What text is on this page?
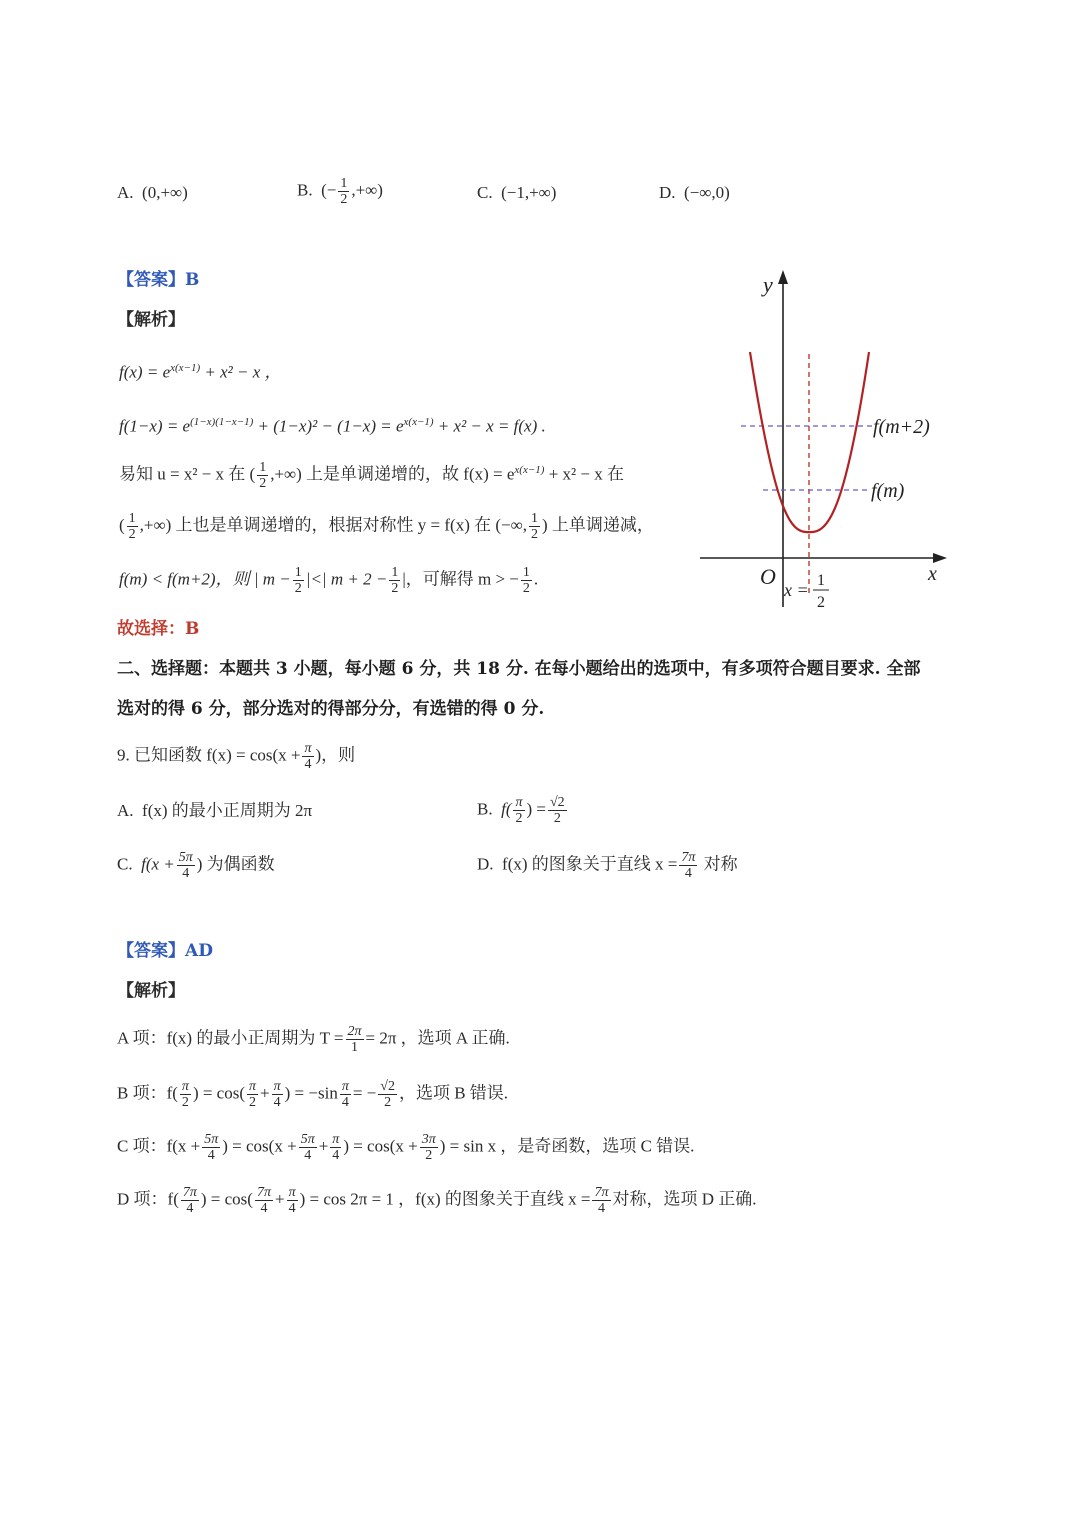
A. (0,+∞)	B. (− $\frac{1}{2}$ ,+∞)	C. (−1,+∞)	D. (−∞,0)
【答案】B
【解析】
$f(x) = e^{x(x-1)} + x^2 - x$ ，
$f(1-x) = e^{(1-x)(1-x-1)} + (1-x)^2 - (1-x) = e^{x(x-1)} + x^2 - x = f(x)$ .
易知 u = x² − x 在 ( $\frac{1}{2}$ ,+∞) 上是单调递增的，故 $f(x) = e^{x(x-1)} + x^2 - x$ 在
( $\frac{1}{2}$ ,+∞) 上也是单调递增的，根据对称性 y = f(x) 在 (−∞, $\frac{1}{2}$ ) 上单调递减，
f(m) < f(m+2)，则 | $m - \frac{1}{2}$ |<| $m + 2 - \frac{1}{2}$ |，可解得 m > − $\frac{1}{2}$ .
故选择：B
y
x
O
x = 1
2
f(m+2)
f(m)
二、选择题：本题共 3 小题，每小题 6 分，共 18 分. 在每小题给出的选项中，有多项符合题目要求. 全部
选对的得 6 分，部分选对的得部分分，有选错的得 0 分.
9. 已知函数 $f(x) = \cos(x + \frac{\pi}{4}$ )，则
A. f(x) 的最小正周期为 2π	B. $f( \frac{\pi}{2}$ ) = $\frac{√2}{2}$
C. $f(x + \frac{5\pi}{4}$ ) 为偶函数	D. f(x) 的图象关于直线 $x = \frac{7\pi}{4}$ 对称
【答案】AD
【解析】
A 项：f(x) 的最小正周期为 $T = \frac{2\pi}{1} = 2\pi$ ，选项 A 正确.
B 项：$f( \frac{\pi}{2}$ ) = $\cos( \frac{\pi}{2} + \frac{\pi}{4}$ ) = $-\sin \frac{\pi}{4}$ = − $\frac{√2}{2}$ ，选项 B 错误.
C 项：$f(x + \frac{5\pi}{4}$ ) = $\cos(x + \frac{5\pi}{4} + \frac{\pi}{4}$ ) = $\cos(x + \frac{3\pi}{2}$ ) = sin x ，是奇函数，选项 C 错误.
D 项：$f( \frac{7\pi}{4}$ ) = $\cos( \frac{7\pi}{4} + \frac{\pi}{4}$ ) = cos 2π = 1 ，f(x) 的图象关于直线 $x = \frac{7\pi}{4}$ 对称，选项 D 正确.
